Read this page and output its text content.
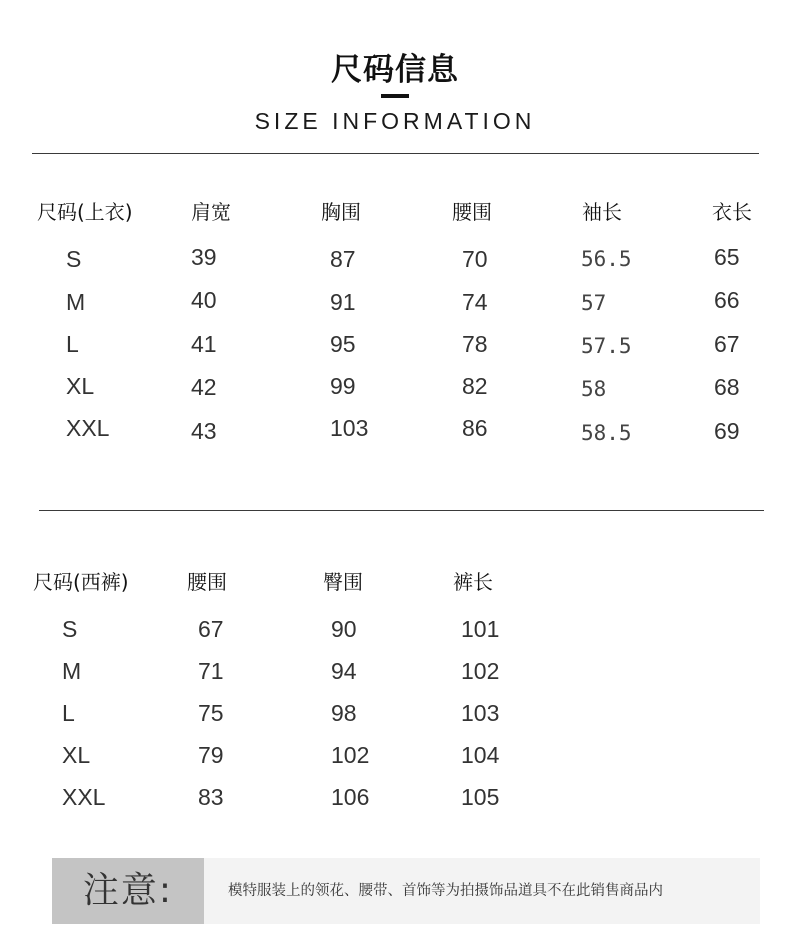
尺码信息
SIZE INFORMATION
尺码(上衣)	肩宽	胸围	腰围	袖长	衣长
S	39	87	70	56.5	65
M	40	91	74	57	66
L	41	95	78	57.5	67
XL	42	99	82	58	68
XXL	43	103	86	58.5	69
尺码(西裤)	腰围	臀围	裤长
S	67	90	101
M	71	94	102
L	75	98	103
XL	79	102	104
XXL	83	106	105
注意:	模特服装上的领花、腰带、首饰等为拍摄饰品道具不在此销售商品内
